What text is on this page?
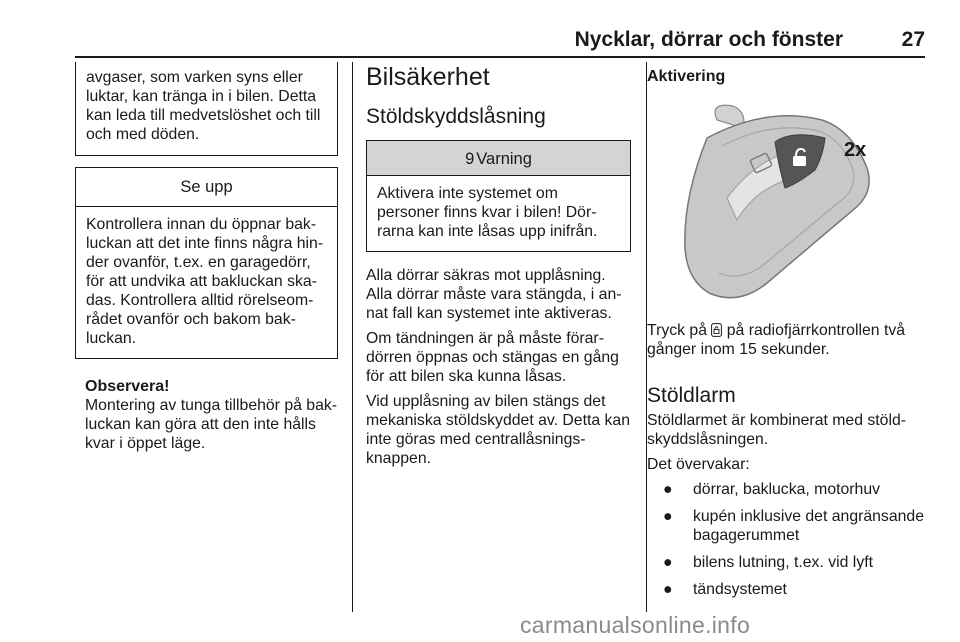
Nycklar, dörrar och fönster	27

avgaser, som varken syns eller luktar, kan tränga in i bilen. Detta kan leda till medvetslöshet och till och med döden.

Se upp

Kontrollera innan du öppnar bak-luckan att det inte finns några hin-der ovanför, t.ex. en garagedörr, för att undvika att bakluckan ska-das. Kontrollera alltid rörelseom-rådet ovanför och bakom bak-luckan.

Observera!

Montering av tunga tillbehör på bak-luckan kan göra att den inte hålls kvar i öppet läge.

Bilsäkerhet
Stöldskyddslåsning
9 Varning

Aktivera inte systemet om personer finns kvar i bilen! Dör-rarna kan inte låsas upp inifrån.

Alla dörrar säkras mot upplåsning. Alla dörrar måste vara stängda, i an-nat fall kan systemet inte aktiveras.

Om tändningen är på måste förar-dörren öppnas och stängas en gång för att bilen ska kunna låsas.

Vid upplåsning av bilen stängs det mekaniska stöldskyddet av. Detta kan inte göras med centrallåsnings-knappen.

Aktivering
2x

Tryck på på radiofjärrkontrollen två gånger inom 15 sekunder.

Stöldlarm

Stöldlarmet är kombinerat med stöld-skyddslåsningen.

Det övervakar:

● dörrar, baklucka, motorhuv
● kupén inklusive det angränsande bagagerummet
● bilens lutning, t.ex. vid lyft
● tändsystemet
carmanualsonline.info
